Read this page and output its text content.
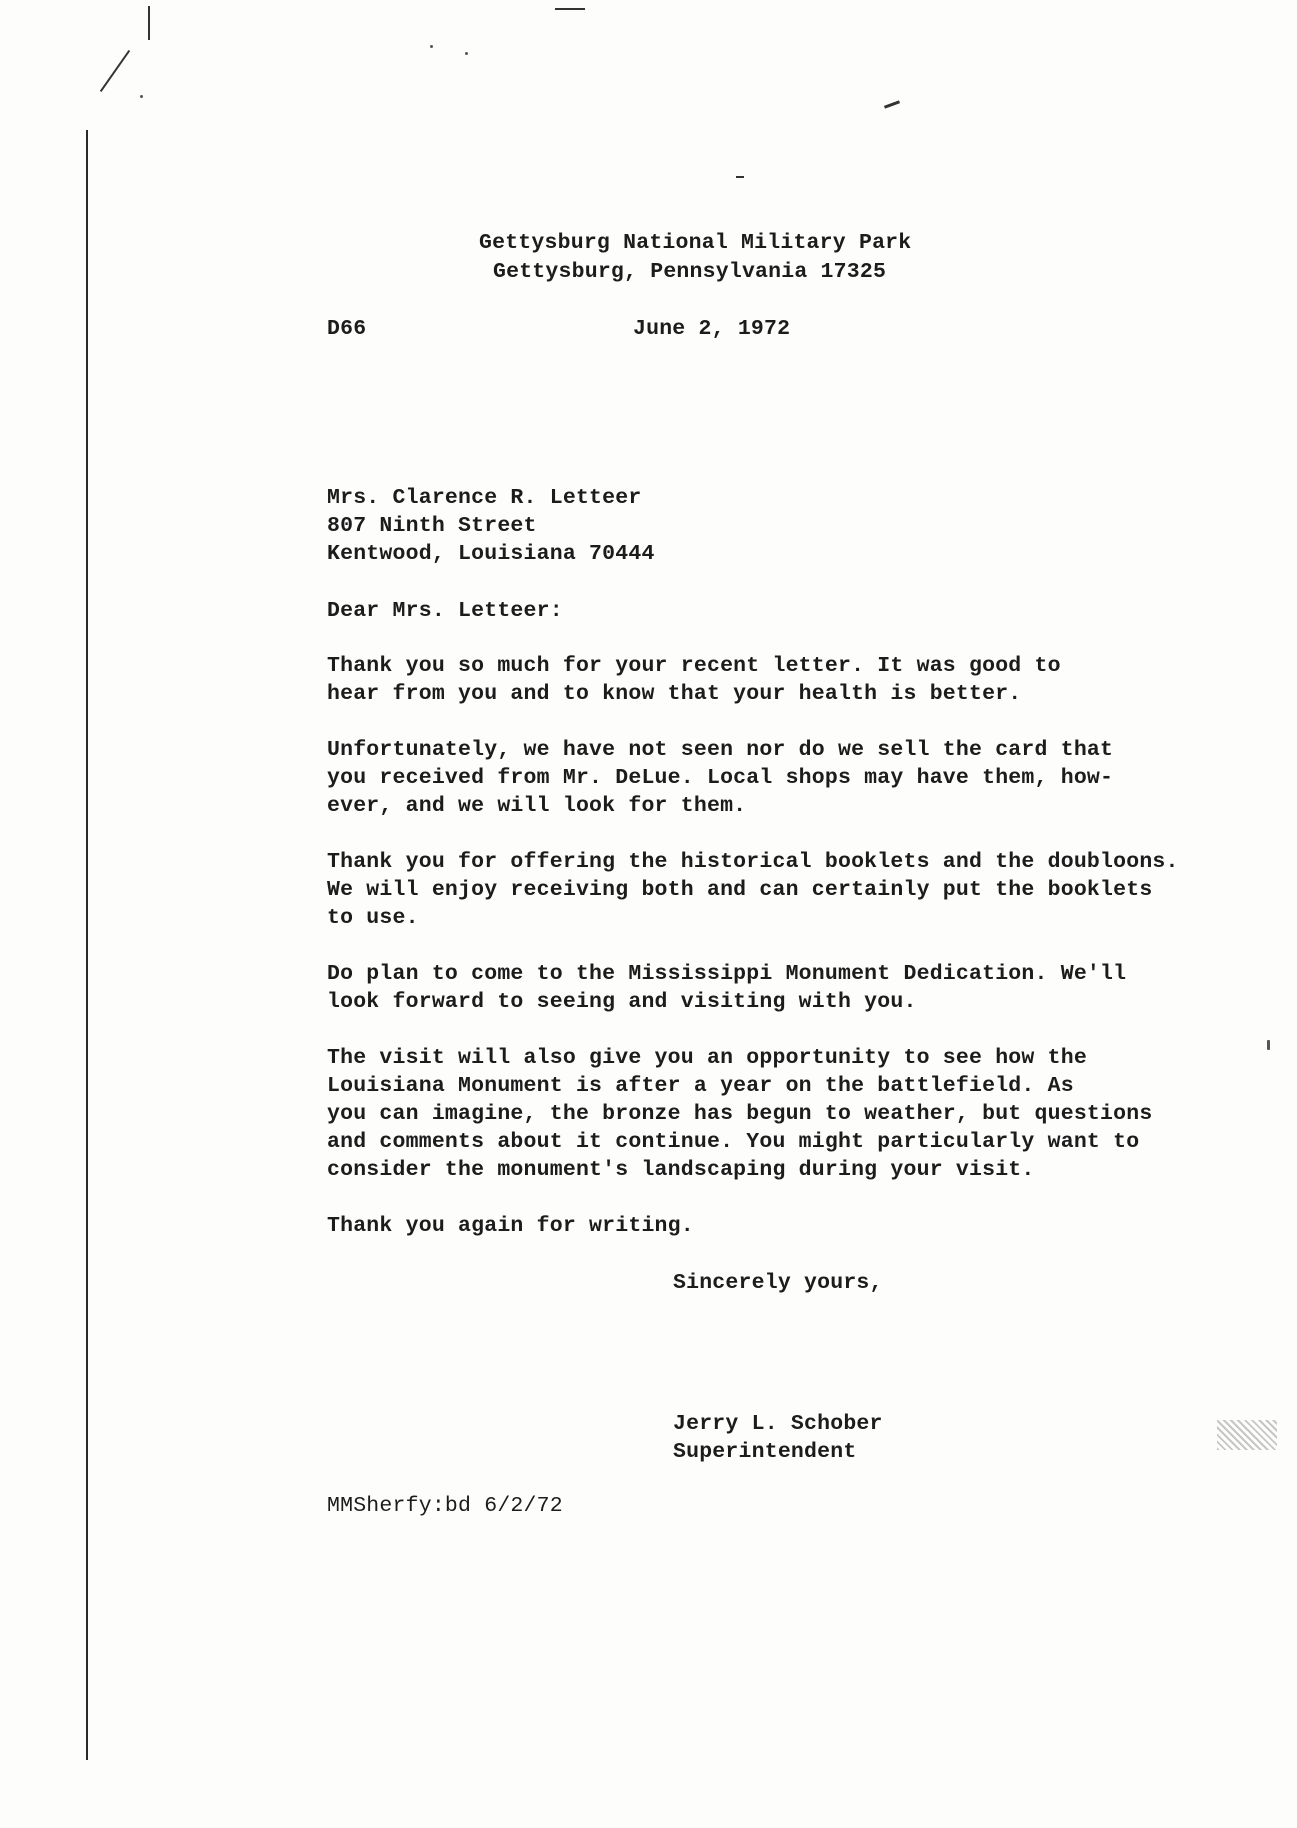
Gettysburg National Military Park
Gettysburg, Pennsylvania 17325
D66	June 2, 1972
Mrs. Clarence R. Letteer
807 Ninth Street
Kentwood, Louisiana 70444
Dear Mrs. Letteer:
Thank you so much for your recent letter. It was good to
hear from you and to know that your health is better.
Unfortunately, we have not seen nor do we sell the card that
you received from Mr. DeLue. Local shops may have them, how-
ever, and we will look for them.
Thank you for offering the historical booklets and the doubloons.
We will enjoy receiving both and can certainly put the booklets
to use.
Do plan to come to the Mississippi Monument Dedication. We'll
look forward to seeing and visiting with you.
The visit will also give you an opportunity to see how the
Louisiana Monument is after a year on the battlefield. As
you can imagine, the bronze has begun to weather, but questions
and comments about it continue. You might particularly want to
consider the monument's landscaping during your visit.
Thank you again for writing.
Sincerely yours,
Jerry L. Schober
Superintendent
MMSherfy:bd 6/2/72
